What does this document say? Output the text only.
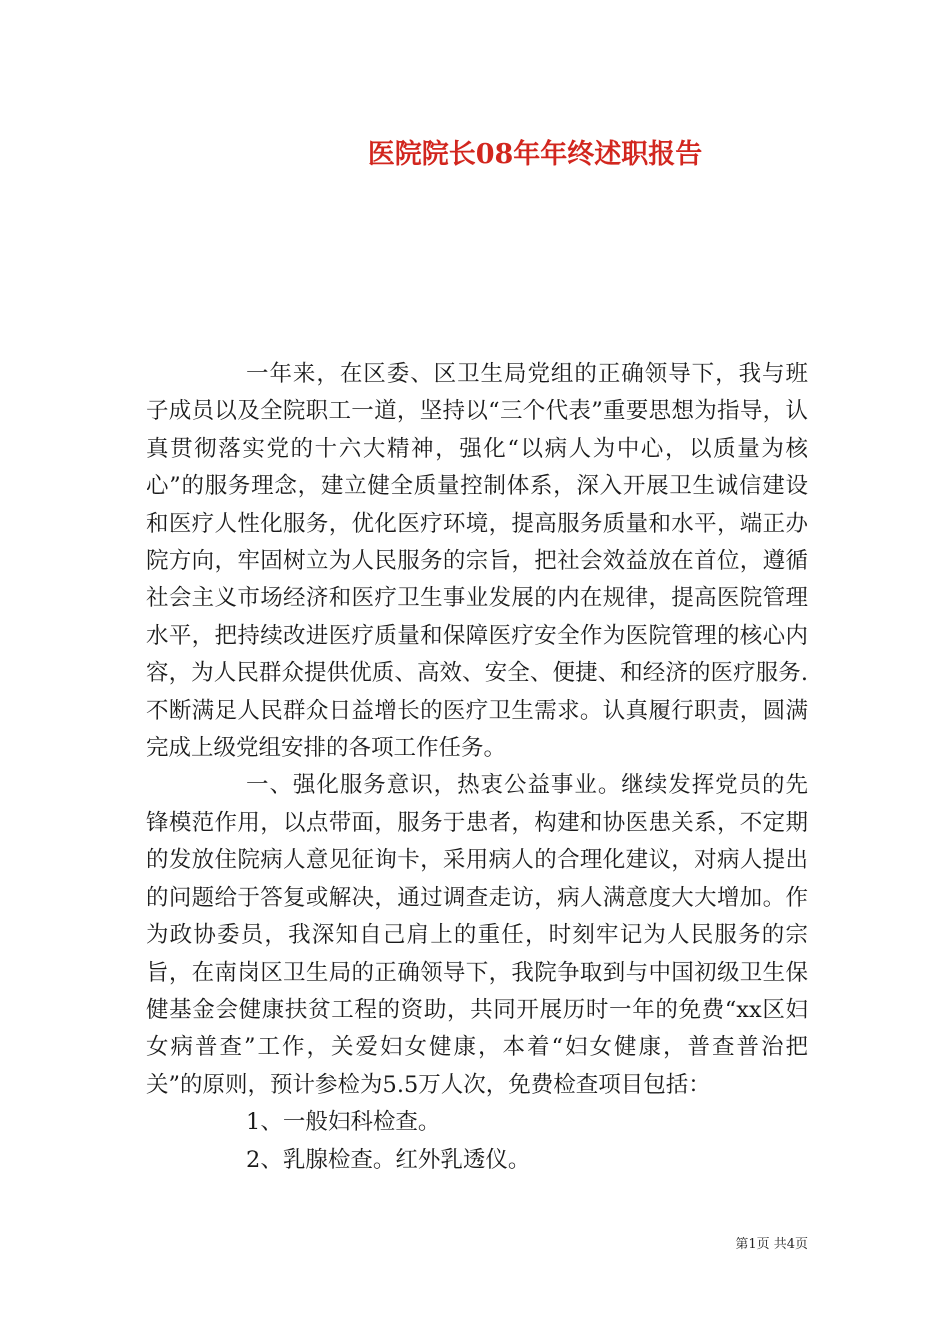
医院院长08年年终述职报告

一年来，在区委、区卫生局党组的正确领导下，我与班子成员以及全院职工一道，坚持以“三个代表”重要思想为指导，认真贯彻落实党的十六大精神，强化“以病人为中心，以质量为核心”的服务理念，建立健全质量控制体系，深入开展卫生诚信建设和医疗人性化服务，优化医疗环境，提高服务质量和水平，端正办院方向，牢固树立为人民服务的宗旨，把社会效益放在首位，遵循社会主义市场经济和医疗卫生事业发展的内在规律，提高医院管理水平，把持续改进医疗质量和保障医疗安全作为医院管理的核心内容，为人民群众提供优质、高效、安全、便捷、和经济的医疗服务.不断满足人民群众日益增长的医疗卫生需求。认真履行职责，圆满完成上级党组安排的各项工作任务。

一、强化服务意识，热衷公益事业。继续发挥党员的先锋模范作用，以点带面，服务于患者，构建和协医患关系，不定期的发放住院病人意见征询卡，采用病人的合理化建议，对病人提出的问题给于答复或解决，通过调查走访，病人满意度大大增加。作为政协委员，我深知自己肩上的重任，时刻牢记为人民服务的宗旨，在南岗区卫生局的正确领导下，我院争取到与中国初级卫生保健基金会健康扶贫工程的资助，共同开展历时一年的免费“xx区妇女病普查”工作，关爱妇女健康，本着“妇女健康，普查普治把关”的原则，预计参检为5.5万人次，免费检查项目包括：

1、一般妇科检查。

2、乳腺检查。红外乳透仪。

第1页 共4页
